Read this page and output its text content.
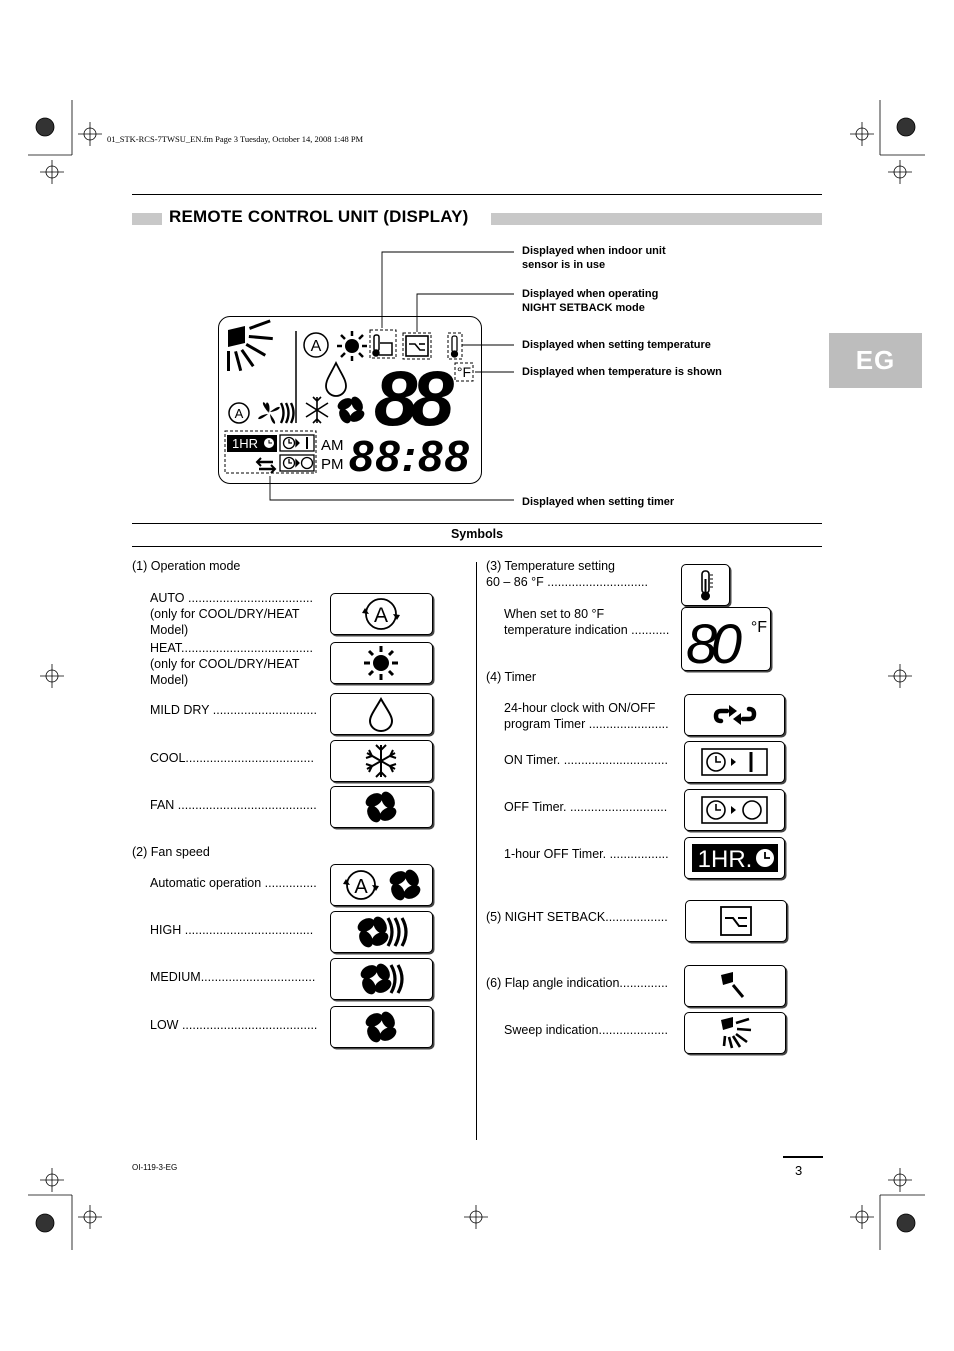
01_STK-RCS-7TWSU_EN.fm Page 3 Tuesday, October 14, 2008 1:48 PM
REMOTE CONTROL UNIT (DISPLAY)
EG
Displayed when indoor unit
sensor is in use
Displayed when operating
NIGHT SETBACK mode
Displayed when setting temperature
Displayed when temperature is shown
Displayed when setting timer
A
°F
88
A
1HR	AM
PM 88:88
Symbols
(1) Operation mode
AUTO ....................................
(only for COOL/DRY/HEAT
Model)
A
HEAT......................................
(only for COOL/DRY/HEAT
Model)
MILD DRY ..............................
COOL.....................................
FAN ........................................
(2) Fan speed
Automatic operation ............... A
HIGH .....................................
MEDIUM.................................
LOW .......................................
(3) Temperature setting
60 – 86 °F .............................
When set to 80 °F
temperature indication ........... 80 °F
(4) Timer
24-hour clock with ON/OFF
program Timer .......................
ON Timer. ..............................
OFF Timer. ............................
1-hour OFF Timer. ................. 1HR.
(5) NIGHT SETBACK..................
(6) Flap angle indication..............
Sweep indication....................
OI-119-3-EG	3
